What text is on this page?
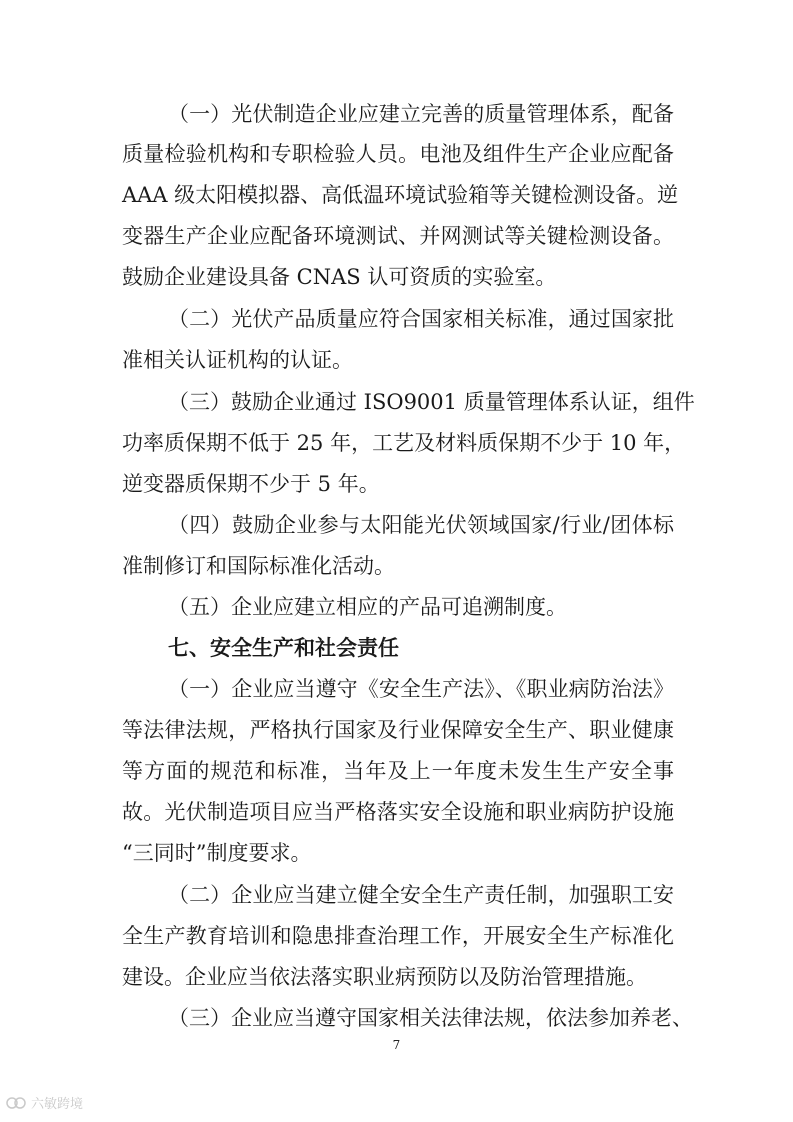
（一）光伏制造企业应建立完善的质量管理体系，配备
质量检验机构和专职检验人员。电池及组件生产企业应配备
AAA 级太阳模拟器、高低温环境试验箱等关键检测设备。逆
变器生产企业应配备环境测试、并网测试等关键检测设备。
鼓励企业建设具备 CNAS 认可资质的实验室。
（二）光伏产品质量应符合国家相关标准，通过国家批
准相关认证机构的认证。
（三）鼓励企业通过 ISO9001 质量管理体系认证，组件
功率质保期不低于 25 年，工艺及材料质保期不少于 10 年，
逆变器质保期不少于 5 年。
（四）鼓励企业参与太阳能光伏领域国家/行业/团体标
准制修订和国际标准化活动。
（五）企业应建立相应的产品可追溯制度。
七、安全生产和社会责任
（一）企业应当遵守《安全生产法》、《职业病防治法》
等法律法规，严格执行国家及行业保障安全生产、职业健康
等方面的规范和标准，当年及上一年度未发生生产安全事
故。光伏制造项目应当严格落实安全设施和职业病防护设施
“三同时”制度要求。
（二）企业应当建立健全安全生产责任制，加强职工安
全生产教育培训和隐患排查治理工作，开展安全生产标准化
建设。企业应当依法落实职业病预防以及防治管理措施。
（三）企业应当遵守国家相关法律法规，依法参加养老、
7
六敏跨境
